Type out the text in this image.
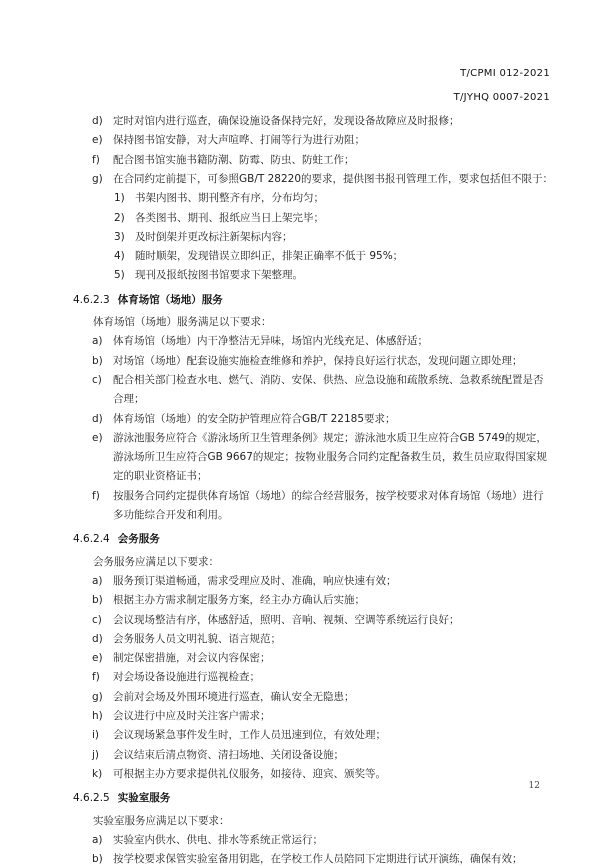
T/CPMI 012-2021
T/JYHQ 0007-2021
d) 定时对馆内进行巡查，确保设施设备保持完好，发现设备故障应及时报修；
e) 保持图书馆安静，对大声喧哗、打闹等行为进行劝阻；
f) 配合图书馆实施书籍防潮、防霉、防虫、防蛀工作；
g) 在合同约定前提下，可参照GB/T 28220的要求，提供图书报刊管理工作，要求包括但不限于：
1) 书架内图书、期刊整齐有序，分布均匀；
2) 各类图书、期刊、报纸应当日上架完毕；
3) 及时倒架并更改标注新架标内容；
4) 随时顺架，发现错误立即纠正，排架正确率不低于 95%；
5) 现刊及报纸按图书馆要求下架整理。
4.6.2.3 体育场馆（场地）服务
体育场馆（场地）服务满足以下要求：
a) 体育场馆（场地）内干净整洁无异味，场馆内光线充足、体感舒适；
b) 对场馆（场地）配套设施实施检查维修和养护，保持良好运行状态，发现问题立即处理；
c) 配合相关部门检查水电、燃气、消防、安保、供热、应急设施和疏散系统、急救系统配置是否
合理；
d) 体育场馆（场地）的安全防护管理应符合GB/T 22185要求；
e) 游泳池服务应符合《游泳场所卫生管理条例》规定；游泳池水质卫生应符合GB 5749的规定，
游泳场所卫生应符合GB 9667的规定；按物业服务合同约定配备救生员，救生员应取得国家规
定的职业资格证书；
f) 按服务合同约定提供体育场馆（场地）的综合经营服务，按学校要求对体育场馆（场地）进行
多功能综合开发和利用。
4.6.2.4 会务服务
会务服务应满足以下要求：
a) 服务预订渠道畅通，需求受理应及时、准确，响应快速有效；
b) 根据主办方需求制定服务方案，经主办方确认后实施；
c) 会议现场整洁有序，体感舒适，照明、音响、视频、空调等系统运行良好；
d) 会务服务人员文明礼貌、语言规范；
e) 制定保密措施，对会议内容保密；
f) 对会场设备设施进行巡视检查；
g) 会前对会场及外围环境进行巡查，确认安全无隐患；
h) 会议进行中应及时关注客户需求；
i) 会议现场紧急事件发生时，工作人员迅速到位，有效处理；
j) 会议结束后清点物资、清扫场地、关闭设备设施；
k) 可根据主办方要求提供礼仪服务，如接待、迎宾、颁奖等。
4.6.2.5 实验室服务
实验室服务应满足以下要求：
a) 实验室内供水、供电、排水等系统正常运行；
b) 按学校要求保管实验室备用钥匙，在学校工作人员陪同下定期进行试开演练，确保有效；
12
